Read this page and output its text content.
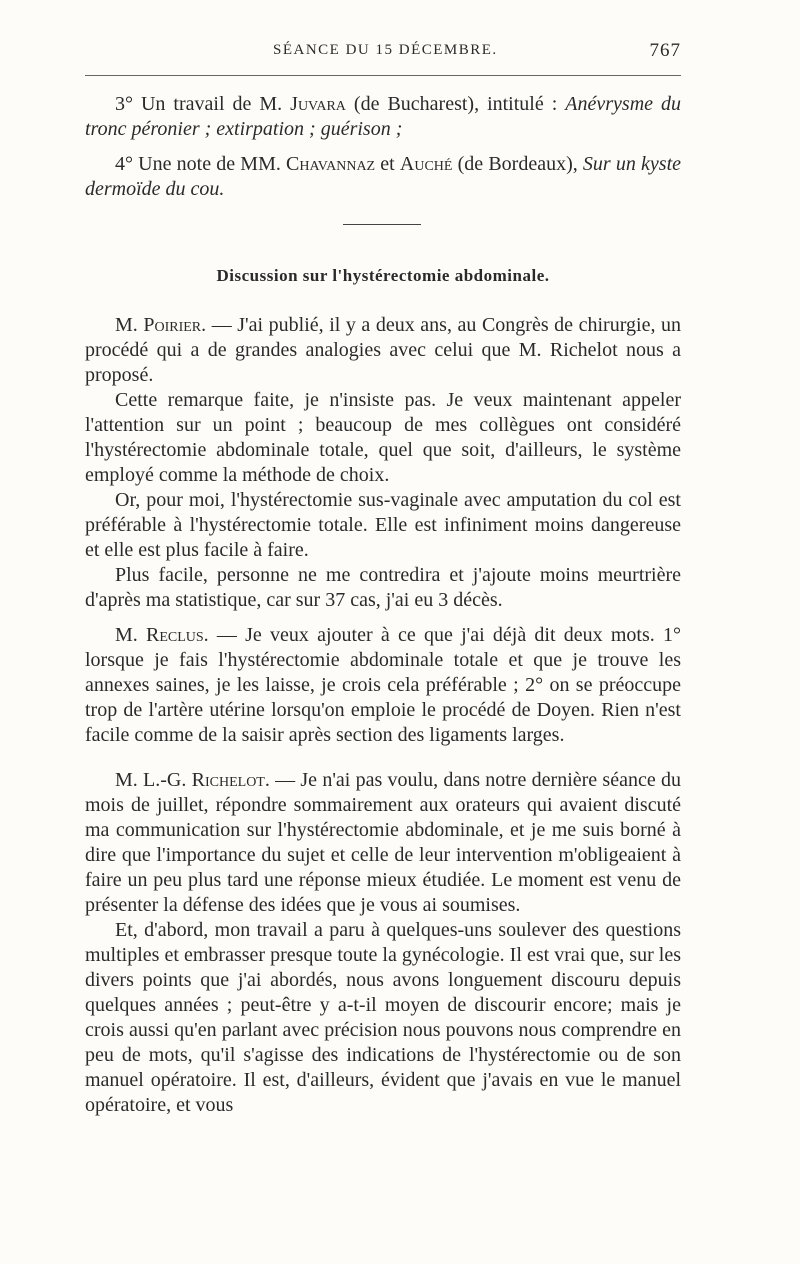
SÉANCE DU 15 DÉCEMBRE.	767

3° Un travail de M. Juvara (de Bucharest), intitulé : Anévrysme du tronc péronier ; extirpation ; guérison ;

4° Une note de MM. Chavannaz et Auché (de Bordeaux), Sur un kyste dermoïde du cou.

Discussion sur l'hystérectomie abdominale.

M. Poirier. — J'ai publié, il y a deux ans, au Congrès de chirurgie, un procédé qui a de grandes analogies avec celui que M. Richelot nous a proposé.

Cette remarque faite, je n'insiste pas. Je veux maintenant appeler l'attention sur un point ; beaucoup de mes collègues ont considéré l'hystérectomie abdominale totale, quel que soit, d'ailleurs, le système employé comme la méthode de choix.

Or, pour moi, l'hystérectomie sus-vaginale avec amputation du col est préférable à l'hystérectomie totale. Elle est infiniment moins dangereuse et elle est plus facile à faire.

Plus facile, personne ne me contredira et j'ajoute moins meurtrière d'après ma statistique, car sur 37 cas, j'ai eu 3 décès.

M. Reclus. — Je veux ajouter à ce que j'ai déjà dit deux mots. 1° lorsque je fais l'hystérectomie abdominale totale et que je trouve les annexes saines, je les laisse, je crois cela préférable ; 2° on se préoccupe trop de l'artère utérine lorsqu'on emploie le procédé de Doyen. Rien n'est facile comme de la saisir après section des ligaments larges.

M. L.-G. Richelot. — Je n'ai pas voulu, dans notre dernière séance du mois de juillet, répondre sommairement aux orateurs qui avaient discuté ma communication sur l'hystérectomie abdominale, et je me suis borné à dire que l'importance du sujet et celle de leur intervention m'obligeaient à faire un peu plus tard une réponse mieux étudiée. Le moment est venu de présenter la défense des idées que je vous ai soumises.

Et, d'abord, mon travail a paru à quelques-uns soulever des questions multiples et embrasser presque toute la gynécologie. Il est vrai que, sur les divers points que j'ai abordés, nous avons longuement discouru depuis quelques années ; peut-être y a-t-il moyen de discourir encore; mais je crois aussi qu'en parlant avec précision nous pouvons nous comprendre en peu de mots, qu'il s'agisse des indications de l'hystérectomie ou de son manuel opératoire. Il est, d'ailleurs, évident que j'avais en vue le manuel opératoire, et vous
